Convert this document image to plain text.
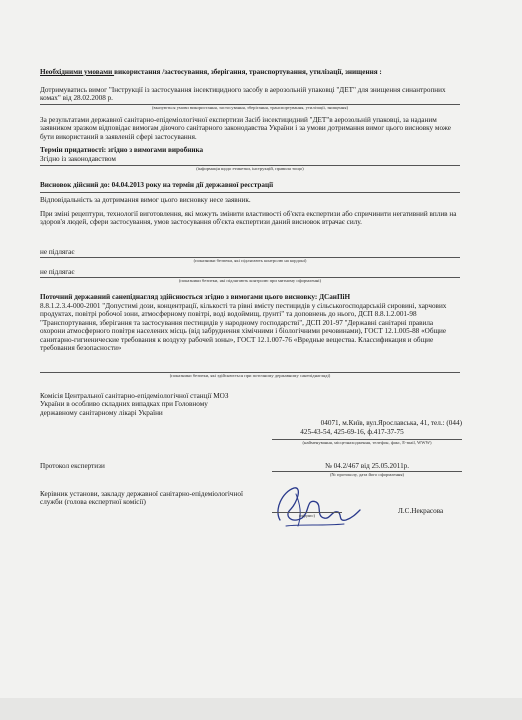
Необхідними умовами використання /застосування, зберігання, транспортування, утилізації, знищення :

Дотримуватись вимог "Інструкції із застосування інсектицидного засобу в аерозольній упаковці "ДЕТ" для знищення синантропних комах" від 28.02.2008 р.

(вказуються умови використання, застосування, зберігання, транспортування, утилізації, знищення)

За результатами державної санітарно-епідеміологічної експертизи Засіб інсектицидний "ДЕТ"в аерозольній упаковці, за наданим заявником зразком відповідає вимогам діючого санітарного законодавства України і за умови дотримання вимог цього висновку може бути використаний в заявленій сфері застосування.

Термін придатності: згідно з вимогами виробника

Згідно із законодавством

(інформація щодо етикетки, інструкцій, правила тощо)

Висновок дійсний до: 04.04.2013 року на термін дії державної реєстрації

Відповідальність за дотримання вимог цього висновку несе заявник.

При зміні рецептури, технології виготовлення, які можуть змінити властивості об'єкта експертизи або спричинити негативний вплив на здоров'я людей, сфери застосування, умов застосування об'єкта експертизи даний висновок втрачає силу.

не підлягає

(показники безпеки, які підлягають контролю на кордоні)

не підлягає

(показники безпеки, які підлягають контролю при митному оформленні)

Поточний державний санепіднагляд здійснюється згідно з вимогами цього висновку: ДСанПіН

8.8.1.2.3.4-000-2001 "Допустимі дози, концентрації, кількості та рівні вмісту пестицидів у сільськогосподарській сировині, харчових продуктах, повітрі робочої зони, атмосферному повітрі, воді водоймищ, ґрунті" та доповнень до нього, ДСП 8.8.1.2.001-98 "Транспортування, зберігання та застосування пестицидів у народному господарстві", ДСП 201-97 "Державні санітарні правила охорони атмосферного повітря населених місць (від забруднення хімічними і біологічними речовинами), ГОСТ 12.1.005-88 «Общие санитарно-гигиенические требования к воздуху рабочей зоны», ГОСТ 12.1.007-76 «Вредные вещества. Классификация и общие требования безопасности»

(показники безпеки, які здійснюється при поточному державному санепіднагляді)

Комісія Центральної санітарно-епідеміологічної станції МОЗ України в особливо складних випадках при Головному державному санітарному лікарі України

04071, м.Київ, вул.Ярославська, 41, тел.: (044)

425-43-54, 425-69-16, ф.417-37-75

(найменування, місцезнаходження, телефон, факс, E-mail, WWW)

Протокол експертизи	№ 04.2/467 від 25.05.2011р.

(№ протоколу, дата його оформлення)

Керівник установи, закладу державної санітарно-епідеміологічної служби (голова експертної комісії)

(підпис)

Л.С.Некрасова
